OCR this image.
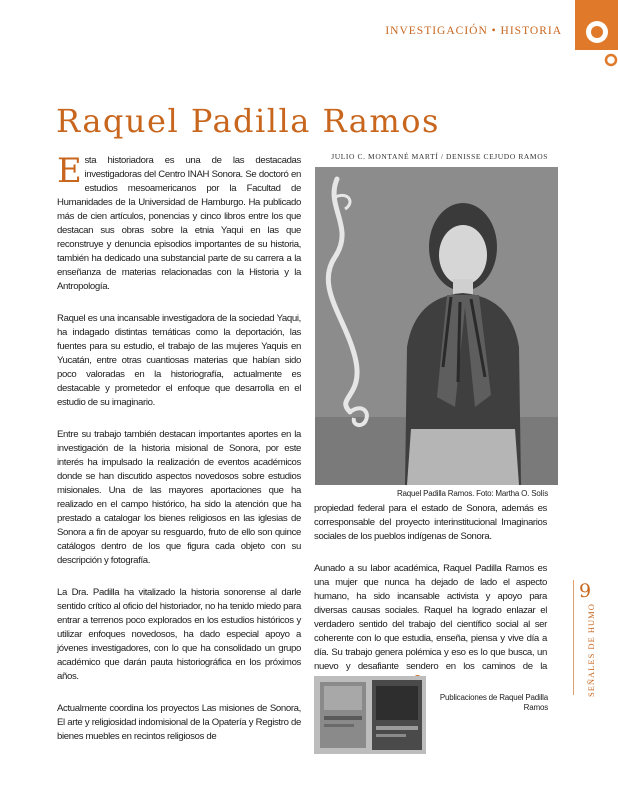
INVESTIGACIÓN • HISTORIA
Raquel Padilla Ramos
JULIO C. MONTANÉ MARTÍ / DENISSE CEJUDO RAMOS

Esta historiadora es una de las destacadas investigadoras del Centro INAH Sonora. Se doctoró en estudios mesoamericanos por la Facultad de Humanidades de la Universidad de Hamburgo. Ha publicado más de cien artículos, ponencias y cinco libros entre los que destacan sus obras sobre la etnia Yaqui en las que reconstruye y denuncia episodios importantes de su historia, también ha dedicado una substancial parte de su carrera a la enseñanza de materias relacionadas con la Historia y la Antropología.

Raquel es una incansable investigadora de la sociedad Yaqui, ha indagado distintas temáticas como la deportación, las fuentes para su estudio, el trabajo de las mujeres Yaquis en Yucatán, entre otras cuantiosas materias que habían sido poco valoradas en la historiografía, actualmente es destacable y prometedor el enfoque que desarrolla en el estudio de su imaginario.

Entre su trabajo también destacan importantes aportes en la investigación de la historia misional de Sonora, por este interés ha impulsado la realización de eventos académicos donde se han discutido aspectos novedosos sobre estudios misionales. Una de las mayores aportaciones que ha realizado en el campo histórico, ha sido la atención que ha prestado a catalogar los bienes religiosos en las iglesias de Sonora a fin de apoyar su resguardo, fruto de ello son quince catálogos dentro de los que figura cada objeto con su descripción y fotografía.

La Dra. Padilla ha vitalizado la historia sonorense al darle sentido crítico al oficio del historiador, no ha tenido miedo para entrar a terrenos poco explorados en los estudios históricos y utilizar enfoques novedosos, ha dado especial apoyo a jóvenes investigadores, con lo que ha consolidado un grupo académico que darán pauta historiográfica en los próximos años.

Actualmente coordina los proyectos Las misiones de Sonora, El arte y religiosidad indomisional de la Opatería y Registro de bienes muebles en recintos religiosos de

Raquel Padilla Ramos. Foto: Martha O. Solís

propiedad federal para el estado de Sonora, además es corresponsable del proyecto interinstitucional Imaginarios sociales de los pueblos indígenas de Sonora.

Aunado a su labor académica, Raquel Padilla Ramos es una mujer que nunca ha dejado de lado el aspecto humano, ha sido incansable activista y apoyo para diversas causas sociales. Raquel ha logrado enlazar el verdadero sentido del trabajo del científico social al ser coherente con lo que estudia, enseña, piensa y vive día a día. Su trabajo genera polémica y eso es lo que busca, un nuevo y desafiante sendero en los caminos de la

Publicaciones de Raquel Padilla Ramos
9
SEÑALES DE HUMO
